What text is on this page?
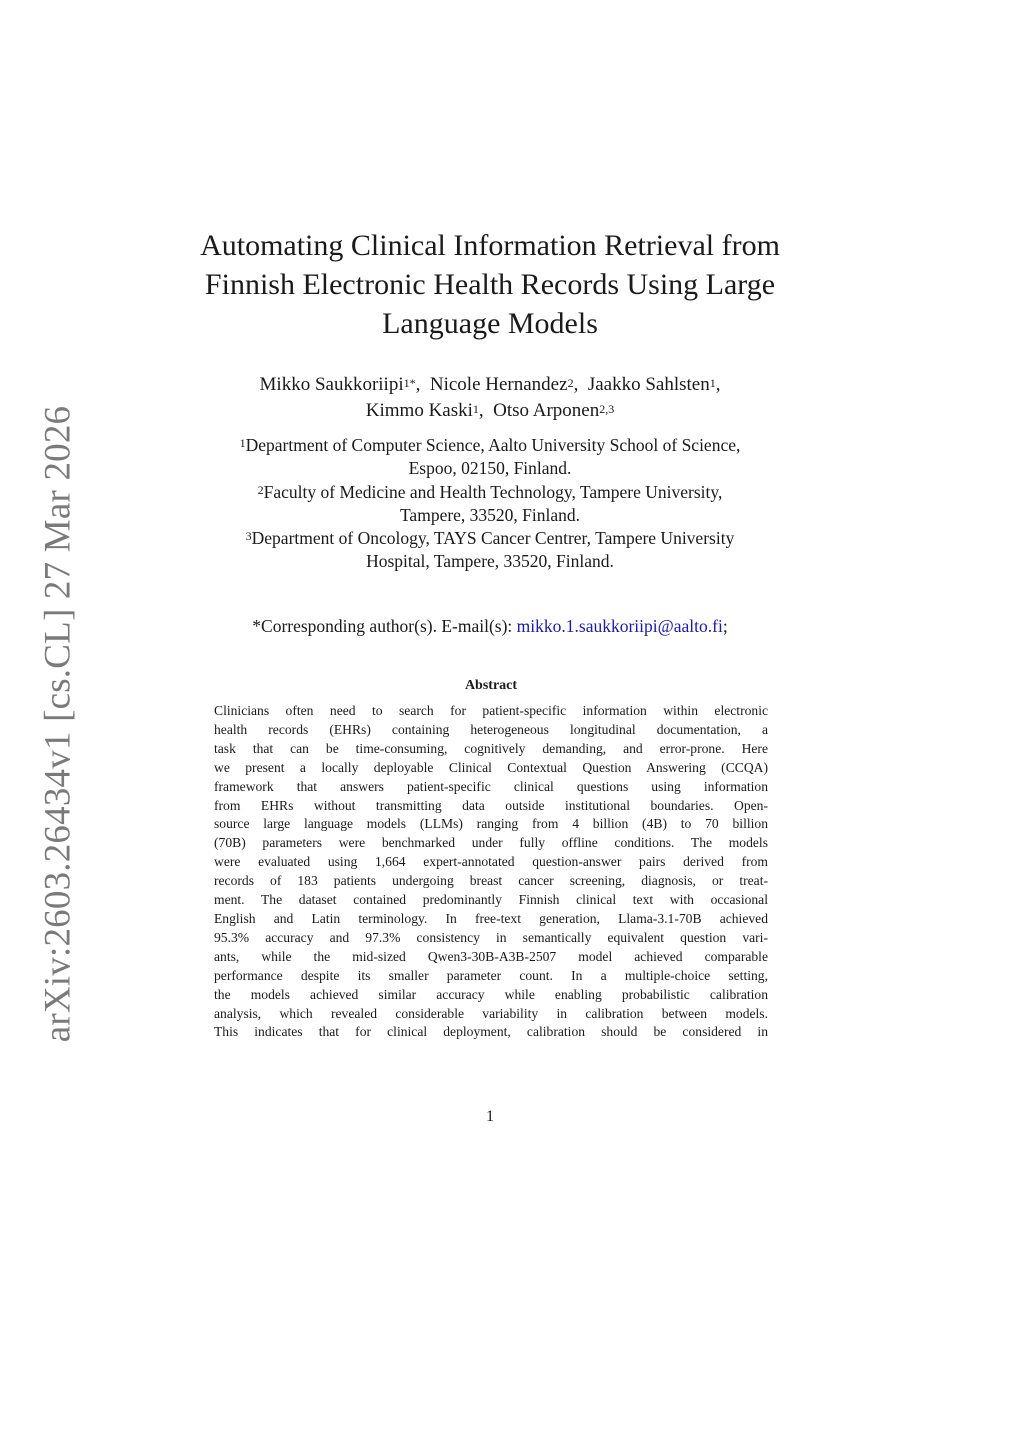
arXiv:2603.26434v1 [cs.CL] 27 Mar 2026
Automating Clinical Information Retrieval from
Finnish Electronic Health Records Using Large
Language Models
Mikko Saukkoriipi$^{1*}$, Nicole Hernandez$^2$, Jaakko Sahlsten$^1$,
Kimmo Kaski$^1$, Otso Arponen$^{2,3}$
$^1$Department of Computer Science, Aalto University School of Science,
Espoo, 02150, Finland.
$^2$Faculty of Medicine and Health Technology, Tampere University,
Tampere, 33520, Finland.
$^3$Department of Oncology, TAYS Cancer Centrer, Tampere University
Hospital, Tampere, 33520, Finland.
*Corresponding author(s). E-mail(s): mikko.1.saukkoriipi@aalto.fi;
Abstract
Clinicians often need to search for patient-specific information within electronic
health records (EHRs) containing heterogeneous longitudinal documentation, a
task that can be time-consuming, cognitively demanding, and error-prone. Here
we present a locally deployable Clinical Contextual Question Answering (CCQA)
framework that answers patient-specific clinical questions using information
from EHRs without transmitting data outside institutional boundaries. Open-
source large language models (LLMs) ranging from 4 billion (4B) to 70 billion
(70B) parameters were benchmarked under fully offline conditions. The models
were evaluated using 1,664 expert-annotated question-answer pairs derived from
records of 183 patients undergoing breast cancer screening, diagnosis, or treat-
ment. The dataset contained predominantly Finnish clinical text with occasional
English and Latin terminology. In free-text generation, Llama-3.1-70B achieved
95.3% accuracy and 97.3% consistency in semantically equivalent question vari-
ants, while the mid-sized Qwen3-30B-A3B-2507 model achieved comparable
performance despite its smaller parameter count. In a multiple-choice setting,
the models achieved similar accuracy while enabling probabilistic calibration
analysis, which revealed considerable variability in calibration between models.
This indicates that for clinical deployment, calibration should be considered in
1
